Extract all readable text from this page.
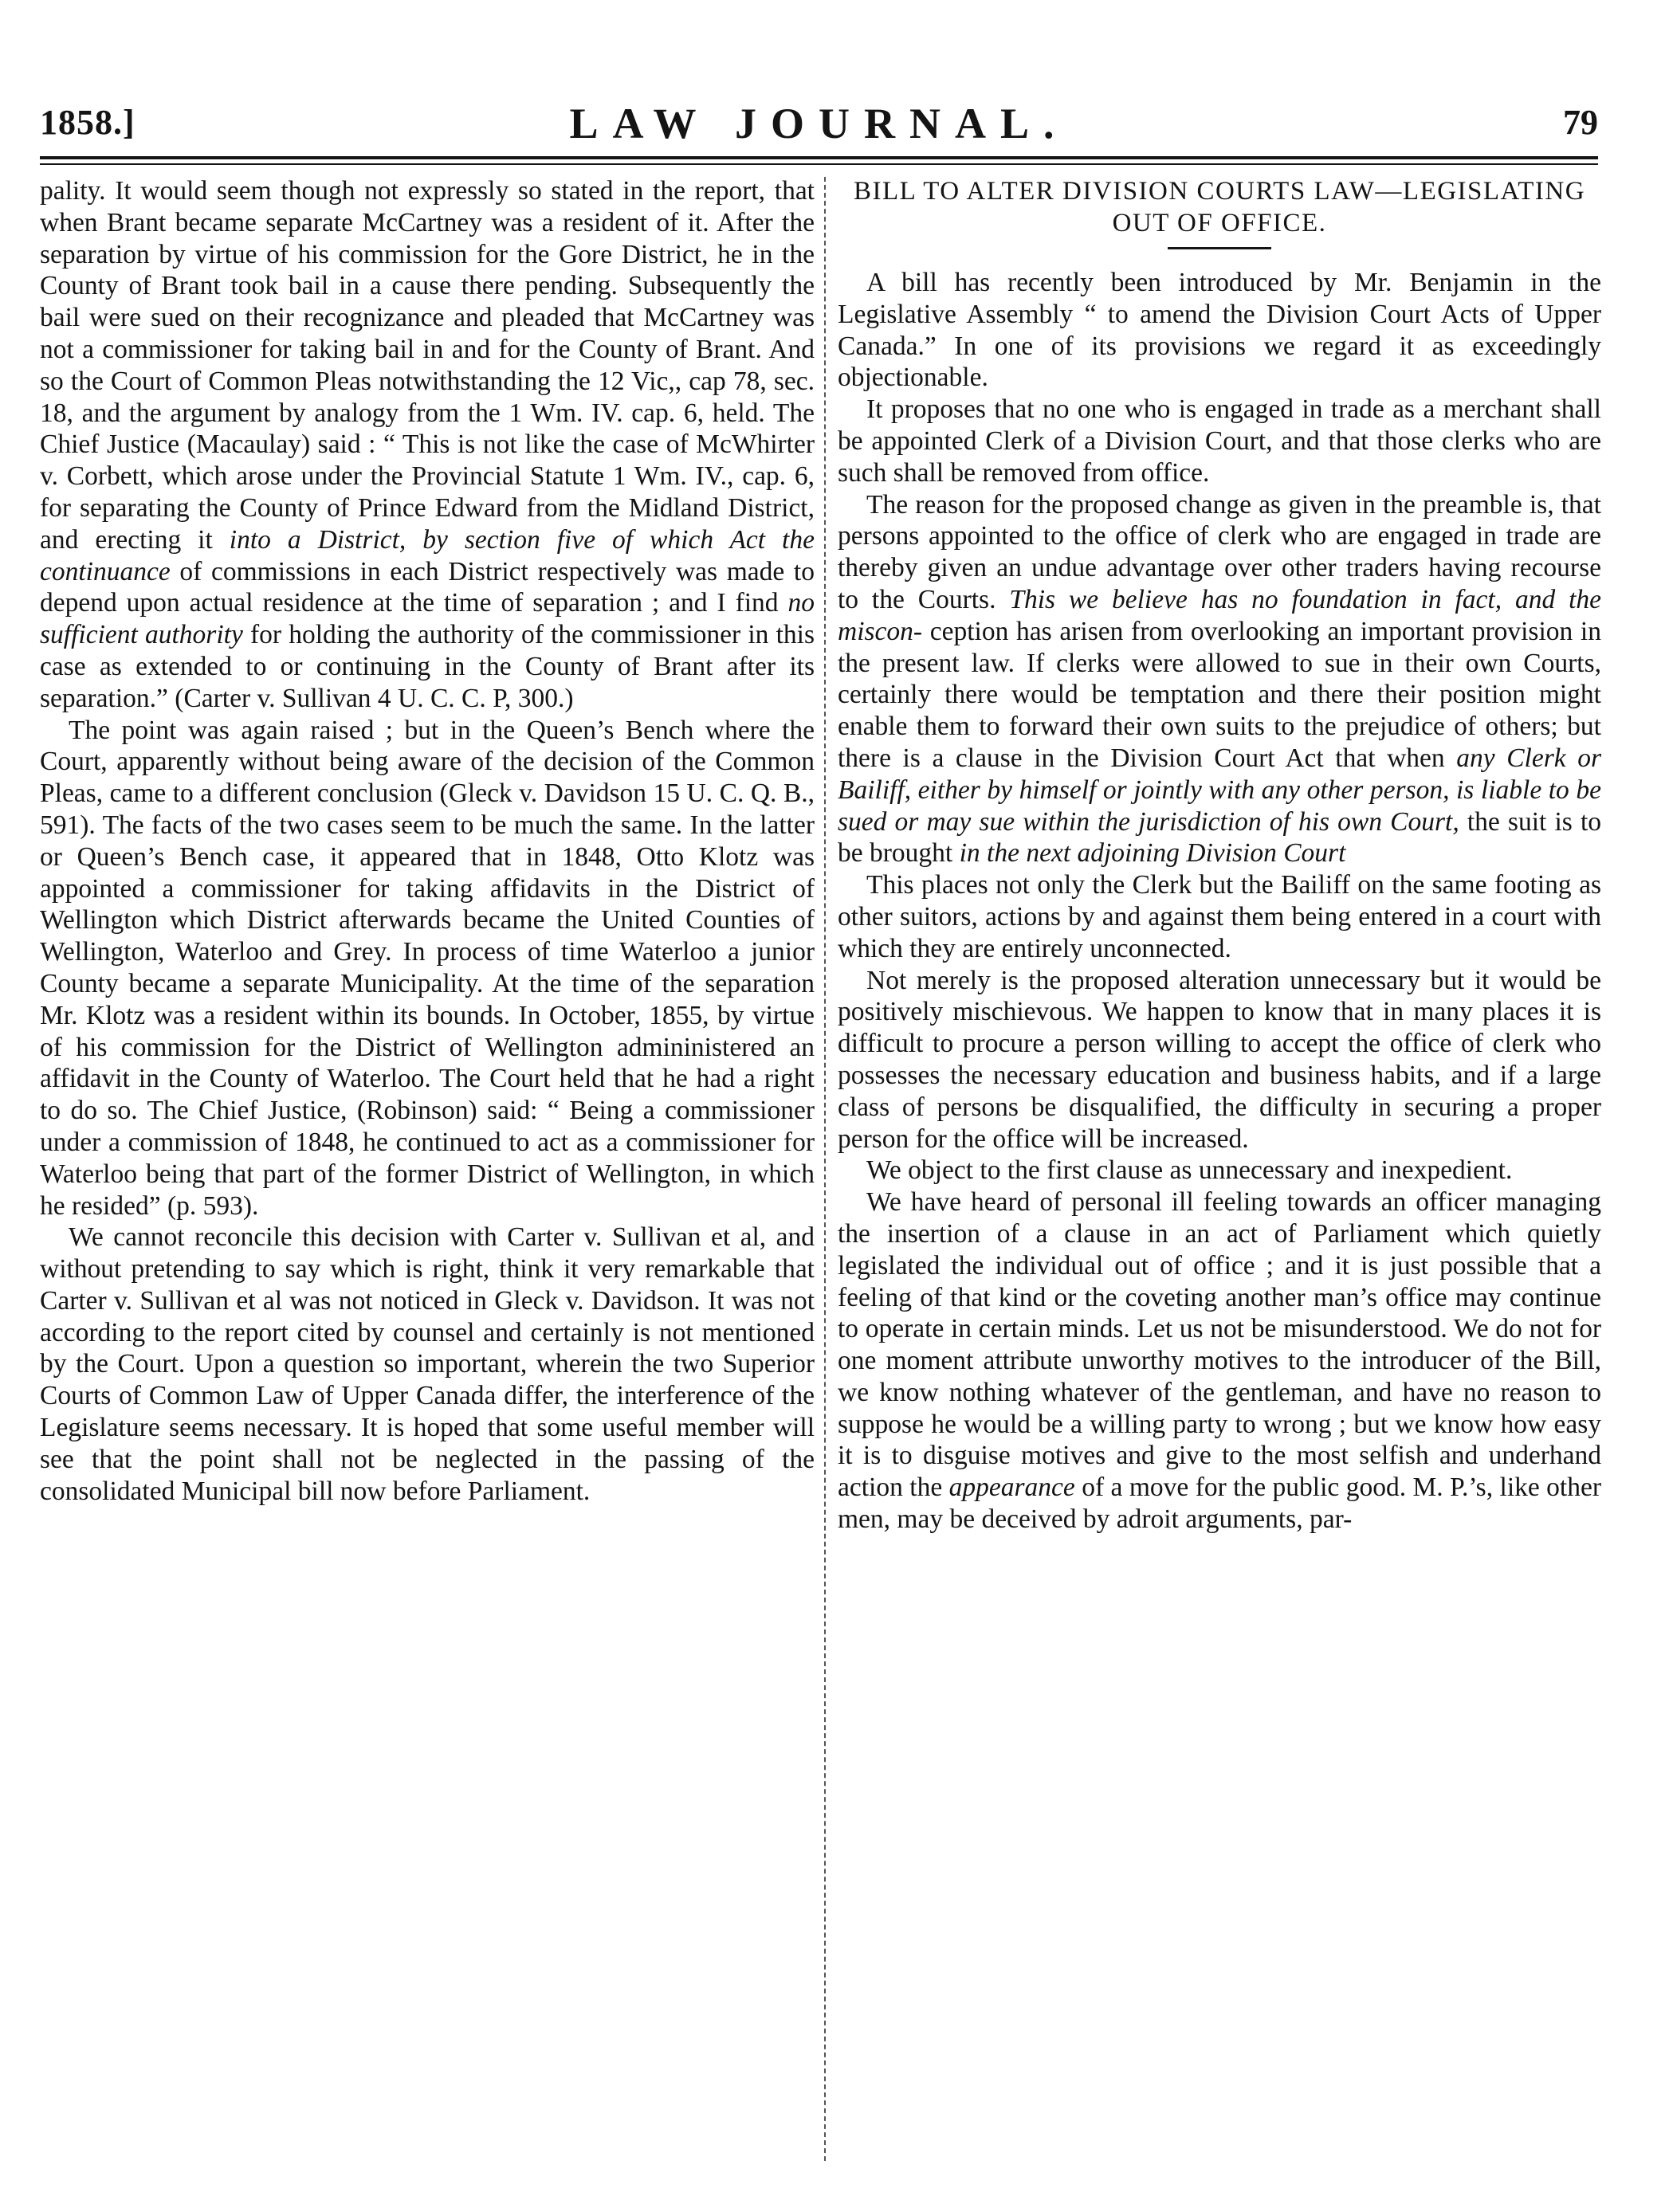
1858.]	LAW JOURNAL.	79

pality. It would seem though not expressly so stated in the report, that when Brant became separate McCartney was a resident of it. After the separation by virtue of his commission for the Gore District, he in the County of Brant took bail in a cause there pending. Subsequently the bail were sued on their recognizance and pleaded that McCartney was not a commissioner for taking bail in and for the County of Brant. And so the Court of Common Pleas notwithstanding the 12 Vic,, cap 78, sec. 18, and the argument by analogy from the 1 Wm. IV. cap. 6, held. The Chief Justice (Macaulay) said : “ This is not like the case of McWhirter v. Corbett, which arose under the Provincial Statute 1 Wm. IV., cap. 6, for separating the County of Prince Edward from the Midland District, and erecting it into a District, by section five of which Act the continuance of commissions in each District respectively was made to depend upon actual residence at the time of separation ; and I find no sufficient authority for holding the authority of the commissioner in this case as extended to or continuing in the County of Brant after its separation.” (Carter v. Sullivan 4 U. C. C. P, 300.)

The point was again raised ; but in the Queen’s Bench where the Court, apparently without being aware of the decision of the Common Pleas, came to a different conclusion (Gleck v. Davidson 15 U. C. Q. B., 591). The facts of the two cases seem to be much the same. In the latter or Queen’s Bench case, it appeared that in 1848, Otto Klotz was appointed a commissioner for taking affidavits in the District of Wellington which District afterwards became the United Counties of Wellington, Waterloo and Grey. In process of time Waterloo a junior County became a separate Municipality. At the time of the separation Mr. Klotz was a resident within its bounds. In October, 1855, by virtue of his commission for the District of Wellington admininistered an affidavit in the County of Waterloo. The Court held that he had a right to do so. The Chief Justice, (Robinson) said: “ Being a commissioner under a commission of 1848, he continued to act as a commissioner for Waterloo being that part of the former District of Wellington, in which he resided” (p. 593).

We cannot reconcile this decision with Carter v. Sullivan et al, and without pretending to say which is right, think it very remarkable that Carter v. Sullivan et al was not noticed in Gleck v. Davidson. It was not according to the report cited by counsel and certainly is not mentioned by the Court. Upon a question so important, wherein the two Superior Courts of Common Law of Upper Canada differ, the interference of the Legislature seems necessary. It is hoped that some useful member will see that the point shall not be neglected in the passing of the consolidated Municipal bill now before Parliament.

BILL TO ALTER DIVISION COURTS LAW—LEGISLATING OUT OF OFFICE.

A bill has recently been introduced by Mr. Benjamin in the Legislative Assembly “ to amend the Division Court Acts of Upper Canada.” In one of its provisions we regard it as exceedingly objectionable.

It proposes that no one who is engaged in trade as a merchant shall be appointed Clerk of a Division Court, and that those clerks who are such shall be removed from office.

The reason for the proposed change as given in the preamble is, that persons appointed to the office of clerk who are engaged in trade are thereby given an undue advantage over other traders having recourse to the Courts. This we believe has no foundation in fact, and the miscon- ception has arisen from overlooking an important provision in the present law. If clerks were allowed to sue in their own Courts, certainly there would be temptation and there their position might enable them to forward their own suits to the prejudice of others; but there is a clause in the Division Court Act that when any Clerk or Bailiff, either by himself or jointly with any other person, is liable to be sued or may sue within the jurisdiction of his own Court, the suit is to be brought in the next adjoining Division Court

This places not only the Clerk but the Bailiff on the same footing as other suitors, actions by and against them being entered in a court with which they are entirely unconnected.

Not merely is the proposed alteration unnecessary but it would be positively mischievous. We happen to know that in many places it is difficult to procure a person willing to accept the office of clerk who possesses the necessary education and business habits, and if a large class of persons be disqualified, the difficulty in securing a proper person for the office will be increased.

We object to the first clause as unnecessary and inexpedient.

We have heard of personal ill feeling towards an officer managing the insertion of a clause in an act of Parliament which quietly legislated the individual out of office ; and it is just possible that a feeling of that kind or the coveting another man’s office may continue to operate in certain minds. Let us not be misunderstood. We do not for one moment attribute unworthy motives to the introducer of the Bill, we know nothing whatever of the gentleman, and have no reason to suppose he would be a willing party to wrong ; but we know how easy it is to disguise motives and give to the most selfish and underhand action the appearance of a move for the public good. M. P.’s, like other men, may be deceived by adroit arguments, par-
